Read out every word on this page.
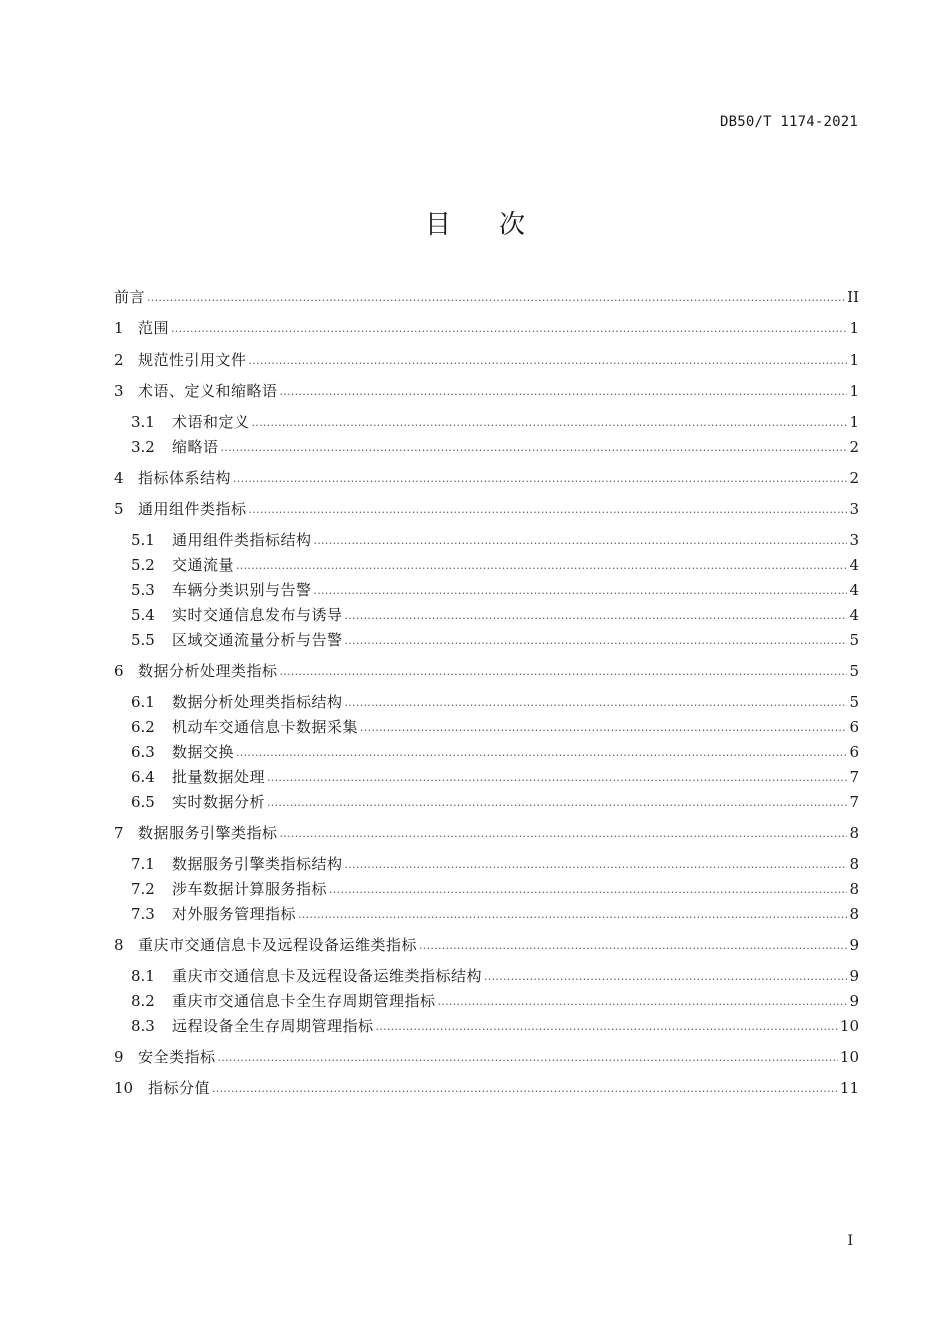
DB50/T 1174-2021
目次
前言 .....	II
1 范围 .....	1
2 规范性引用文件 .....	1
3 术语、定义和缩略语 .....	1
3.1	术语和定义 .....	1
3.2	缩略语 .....	2
4 指标体系结构 .....	2
5 通用组件类指标 .....	3
5.1	通用组件类指标结构 .....	3
5.2	交通流量 .....	4
5.3	车辆分类识别与告警 .....	4
5.4	实时交通信息发布与诱导 .....	4
5.5	区域交通流量分析与告警 .....	5
6 数据分析处理类指标 .....	5
6.1	数据分析处理类指标结构 .....	5
6.2	机动车交通信息卡数据采集 .....	6
6.3	数据交换 .....	6
6.4	批量数据处理 .....	7
6.5	实时数据分析 .....	7
7 数据服务引擎类指标 .....	8
7.1	数据服务引擎类指标结构 .....	8
7.2	涉车数据计算服务指标 .....	8
7.3	对外服务管理指标 .....	8
8 重庆市交通信息卡及远程设备运维类指标 .....	9
8.1	重庆市交通信息卡及远程设备运维类指标结构 .....	9
8.2	重庆市交通信息卡全生存周期管理指标 .....	9
8.3	远程设备全生存周期管理指标 .....	10
9 安全类指标 .....	10
10 指标分值 .....	11
I
